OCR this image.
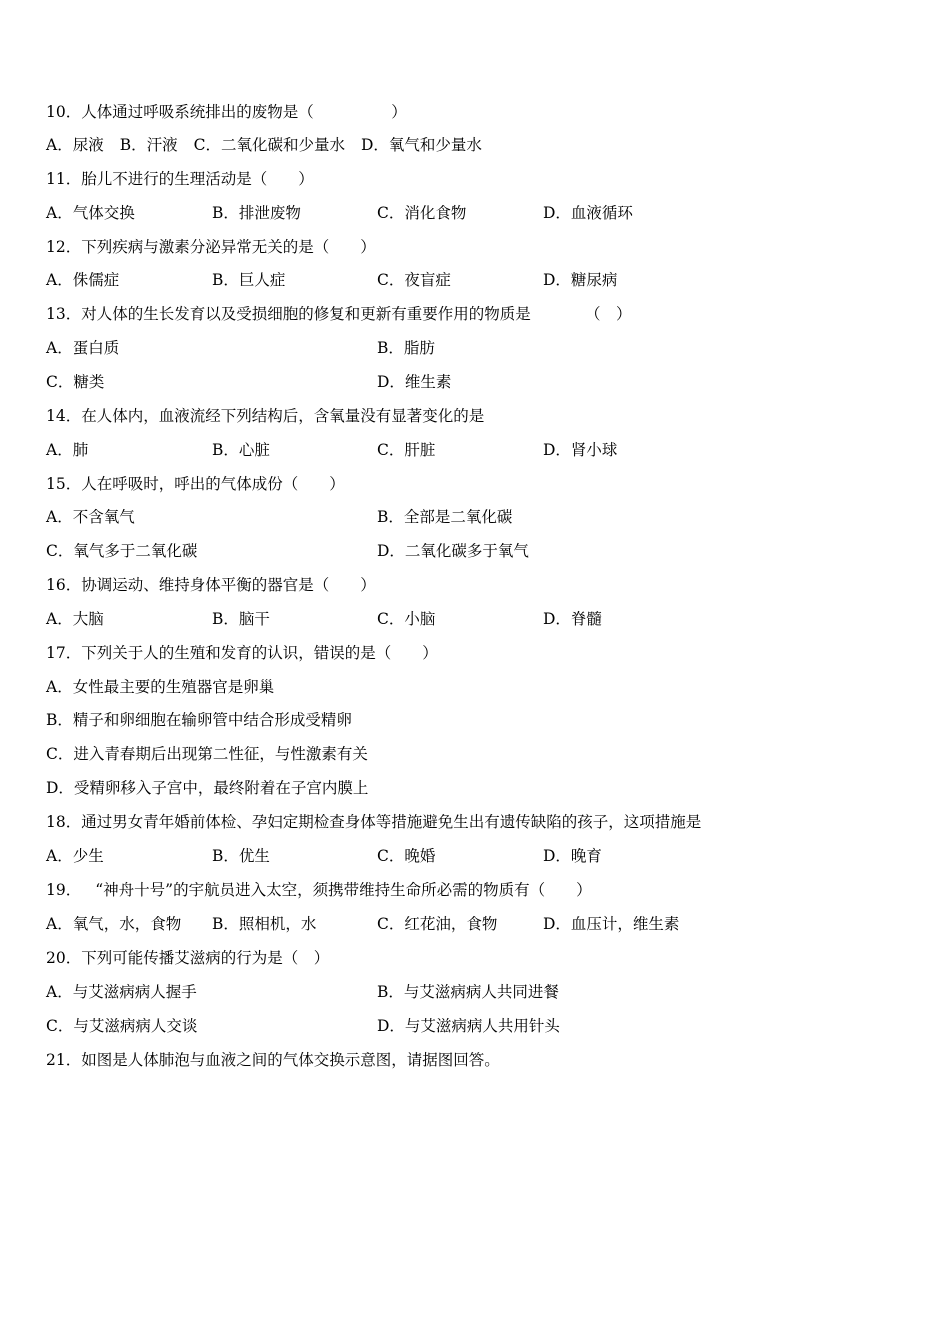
10．人体通过呼吸系统排出的废物是（　　　　　）
A．尿液 B．汗液 C．二氧化碳和少量水 D．氧气和少量水
11．胎儿不进行的生理活动是（　　）
A．气体交换	B．排泄废物	C．消化食物	D．血液循环
12．下列疾病与激素分泌异常无关的是（　　）
A．侏儒症	B．巨人症	C．夜盲症	D．糖尿病
13．对人体的生长发育以及受损细胞的修复和更新有重要作用的物质是　　　　（　）
A．蛋白质	B．脂肪
C．糖类	D．维生素
14．在人体内，血液流经下列结构后，含氧量没有显著变化的是
A．肺	B．心脏	C．肝脏	D．肾小球
15．人在呼吸时，呼出的气体成份（　　）
A．不含氧气	B．全部是二氧化碳
C．氧气多于二氧化碳	D．二氧化碳多于氧气
16．协调运动、维持身体平衡的器官是（　　）
A．大脑	B．脑干	C．小脑	D．脊髓
17．下列关于人的生殖和发育的认识，错误的是（　　）
A．女性最主要的生殖器官是卵巢
B．精子和卵细胞在输卵管中结合形成受精卵
C．进入青春期后出现第二性征，与性激素有关
D．受精卵移入子宫中，最终附着在子宫内膜上
18．通过男女青年婚前体检、孕妇定期检查身体等措施避免生出有遗传缺陷的孩子，这项措施是
A．少生	B．优生	C．晚婚	D．晚育
19． “神舟十号”的宇航员进入太空，须携带维持生命所必需的物质有（　　）
A．氧气，水，食物 B．照相机，水	C．红花油，食物	D．血压计，维生素
20．下列可能传播艾滋病的行为是（　）
A．与艾滋病病人握手	B．与艾滋病病人共同进餐
C．与艾滋病病人交谈	D．与艾滋病病人共用针头
21．如图是人体肺泡与血液之间的气体交换示意图，请据图回答。
